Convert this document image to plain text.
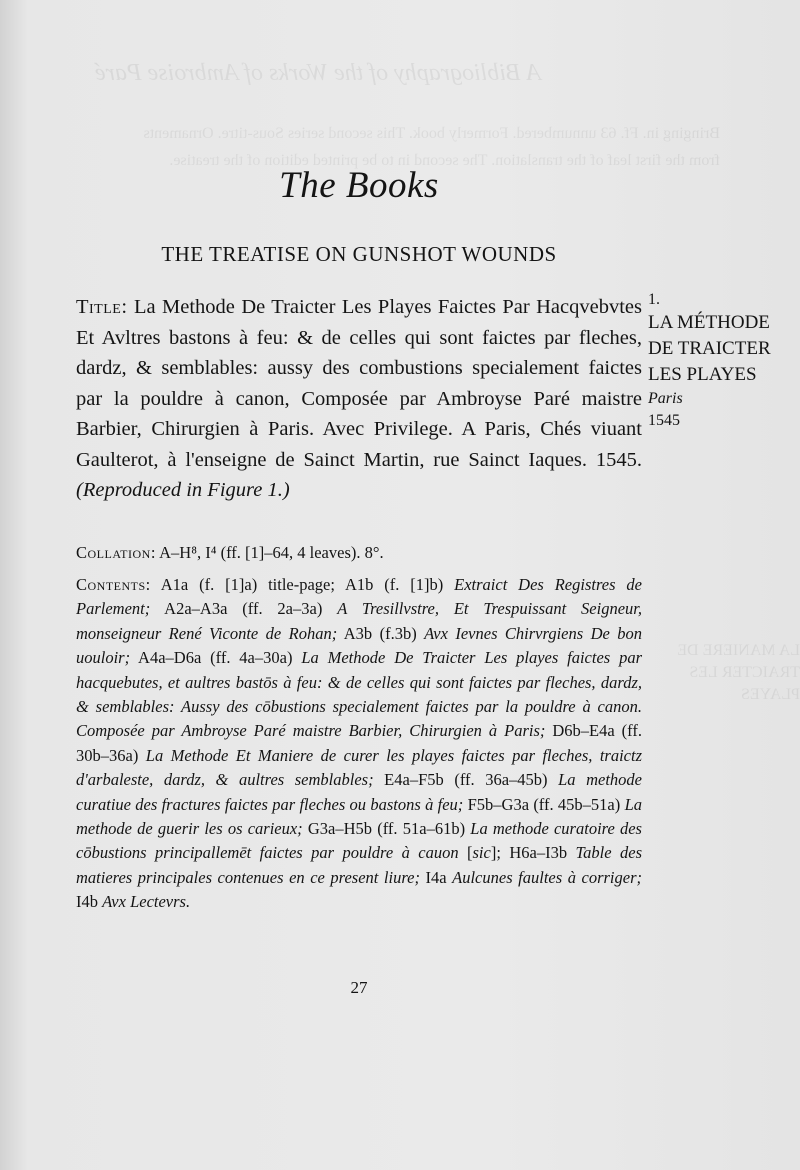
A Bibliography of the Works of Ambroise Paré
Bringing in. Ff. 63 unnumbered. Formerly book. This second series Sous-titre. Ornaments from the first leaf of the translation. The second in to be printed edition of the treatise.
LA MANIERE DE TRAICTER LES PLAYES
The Books
THE TREATISE ON GUNSHOT WOUNDS
Title: La Methode De Traicter Les Playes Faictes Par Hacqvebvtes Et Avltres bastons à feu: & de celles qui sont faictes par fleches, dardz, & semblables: aussy des combustions specialement faictes par la pouldre à canon, Composée par Ambroyse Paré maistre Barbier, Chirurgien à Paris. Avec Privilege. A Paris, Chés viuant Gaulterot, à l'enseigne de Sainct Martin, rue Sainct Iaques. 1545. (Reproduced in Figure 1.)
Collation: A–H⁸, I⁴ (ff. [1]–64, 4 leaves). 8°.
Contents: A1a (f. [1]a) title-page; A1b (f. [1]b) Extraict Des Registres de Parlement; A2a–A3a (ff. 2a–3a) A Tresillvstre, Et Trespuissant Seigneur, monseigneur René Viconte de Rohan; A3b (f.3b) Avx Ievnes Chirvrgiens De bon uouloir; A4a–D6a (ff. 4a–30a) La Methode De Traicter Les playes faictes par hacquebutes, et aultres bastōs à feu: & de celles qui sont faictes par fleches, dardz, & semblables: Aussy des cōbustions specialement faictes par la pouldre à canon. Composée par Ambroyse Paré maistre Barbier, Chirurgien à Paris; D6b–E4a (ff. 30b–36a) La Methode Et Maniere de curer les playes faictes par fleches, traictz d'arbaleste, dardz, & aultres semblables; E4a–F5b (ff. 36a–45b) La methode curatiue des fractures faictes par fleches ou bastons à feu; F5b–G3a (ff. 45b–51a) La methode de guerir les os carieux; G3a–H5b (ff. 51a–61b) La methode curatoire des cōbustions principallemēt faictes par pouldre à cauon [sic]; H6a–I3b Table des matieres principales contenues en ce present liure; I4a Aulcunes faultes à corriger; I4b Avx Lectevrs.
27
1.
LA MÉTHODE
DE TRAICTER
LES PLAYES
Paris
1545
